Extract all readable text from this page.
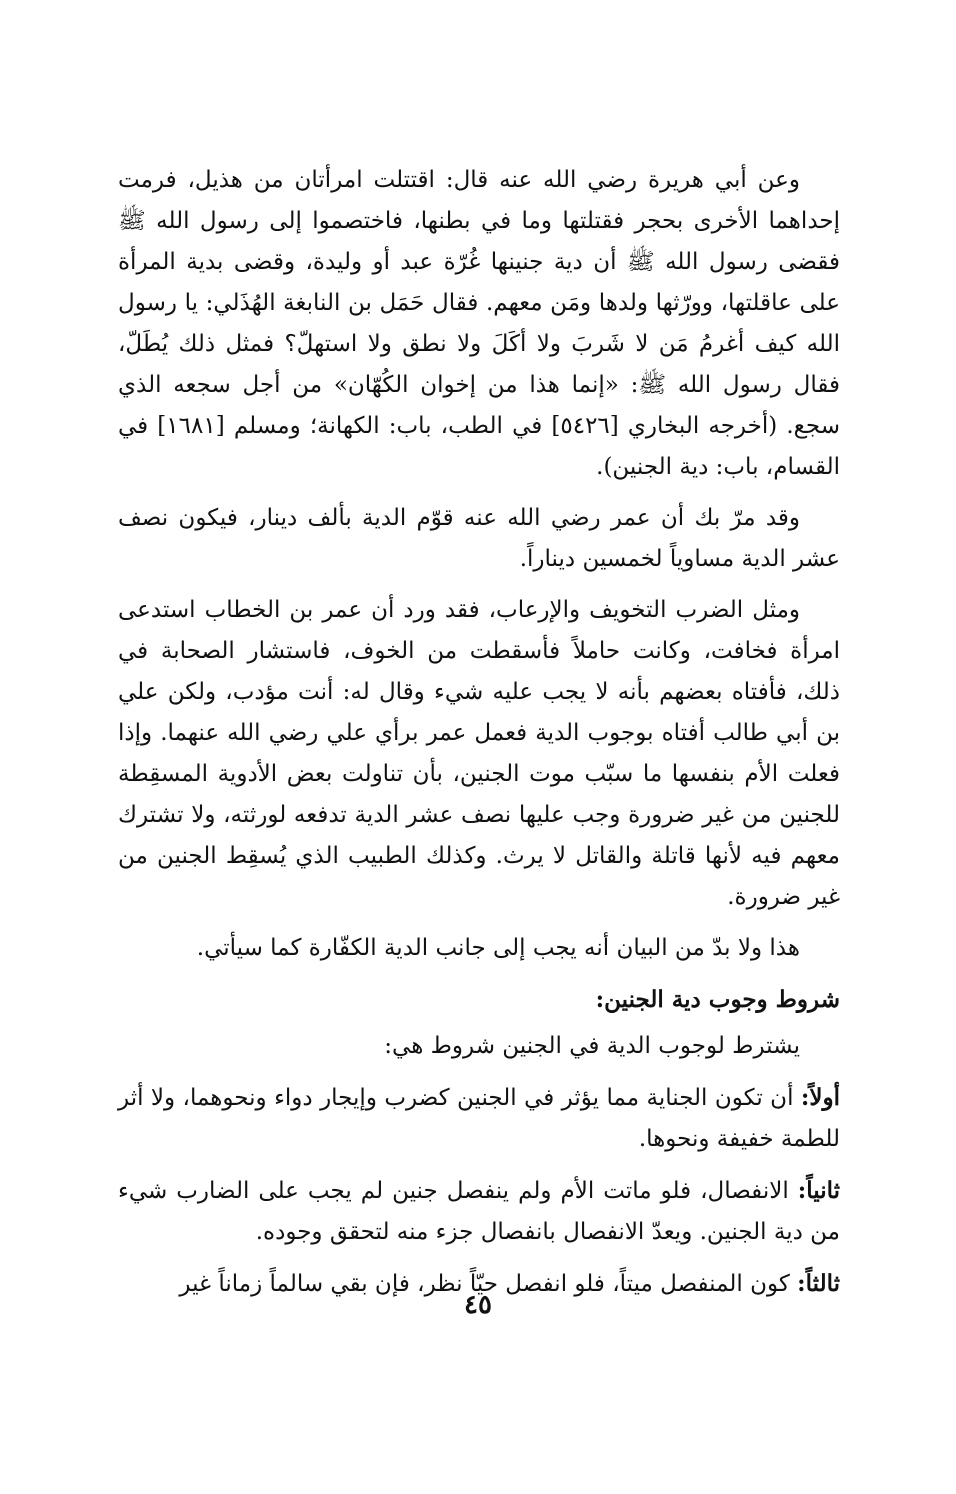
وعن أبي هريرة رضي الله عنه قال: اقتتلت امرأتان من هذيل، فرمت إحداهما الأخرى بحجر فقتلتها وما في بطنها، فاختصموا إلى رسول الله ﷺ فقضى رسول الله ﷺ أن دية جنينها غُرّة عبد أو وليدة، وقضى بدية المرأة على عاقلتها، وورّثها ولدها ومَن معهم. فقال حَمَل بن النابغة الهُذَلي: يا رسول الله كيف أغرمُ مَن لا شَربَ ولا أكَلَ ولا نطق ولا استهلّ؟ فمثل ذلك يُطَلّ، فقال رسول الله ﷺ: «إنما هذا من إخوان الكُهّان» من أجل سجعه الذي سجع. (أخرجه البخاري [٥٤٢٦] في الطب، باب: الكهانة؛ ومسلم [١٦٨١] في القسام، باب: دية الجنين).

وقد مرّ بك أن عمر رضي الله عنه قوّم الدية بألف دينار، فيكون نصف عشر الدية مساوياً لخمسين ديناراً.

ومثل الضرب التخويف والإرعاب، فقد ورد أن عمر بن الخطاب استدعى امرأة فخافت، وكانت حاملاً فأسقطت من الخوف، فاستشار الصحابة في ذلك، فأفتاه بعضهم بأنه لا يجب عليه شيء وقال له: أنت مؤدب، ولكن علي بن أبي طالب أفتاه بوجوب الدية فعمل عمر برأي علي رضي الله عنهما. وإذا فعلت الأم بنفسها ما سبّب موت الجنين، بأن تناولت بعض الأدوية المسقِطة للجنين من غير ضرورة وجب عليها نصف عشر الدية تدفعه لورثته، ولا تشترك معهم فيه لأنها قاتلة والقاتل لا يرث. وكذلك الطبيب الذي يُسقِط الجنين من غير ضرورة.

هذا ولا بدّ من البيان أنه يجب إلى جانب الدية الكفّارة كما سيأتي.

شروط وجوب دية الجنين:

يشترط لوجوب الدية في الجنين شروط هي:

أولاً: أن تكون الجناية مما يؤثر في الجنين كضرب وإيجار دواء ونحوهما، ولا أثر للطمة خفيفة ونحوها.

ثانياً: الانفصال، فلو ماتت الأم ولم ينفصل جنين لم يجب على الضارب شيء من دية الجنين. ويعدّ الانفصال بانفصال جزء منه لتحقق وجوده.

ثالثاً: كون المنفصل ميتاً، فلو انفصل حيّاً نظر، فإن بقي سالماً زماناً غير

٤٥
